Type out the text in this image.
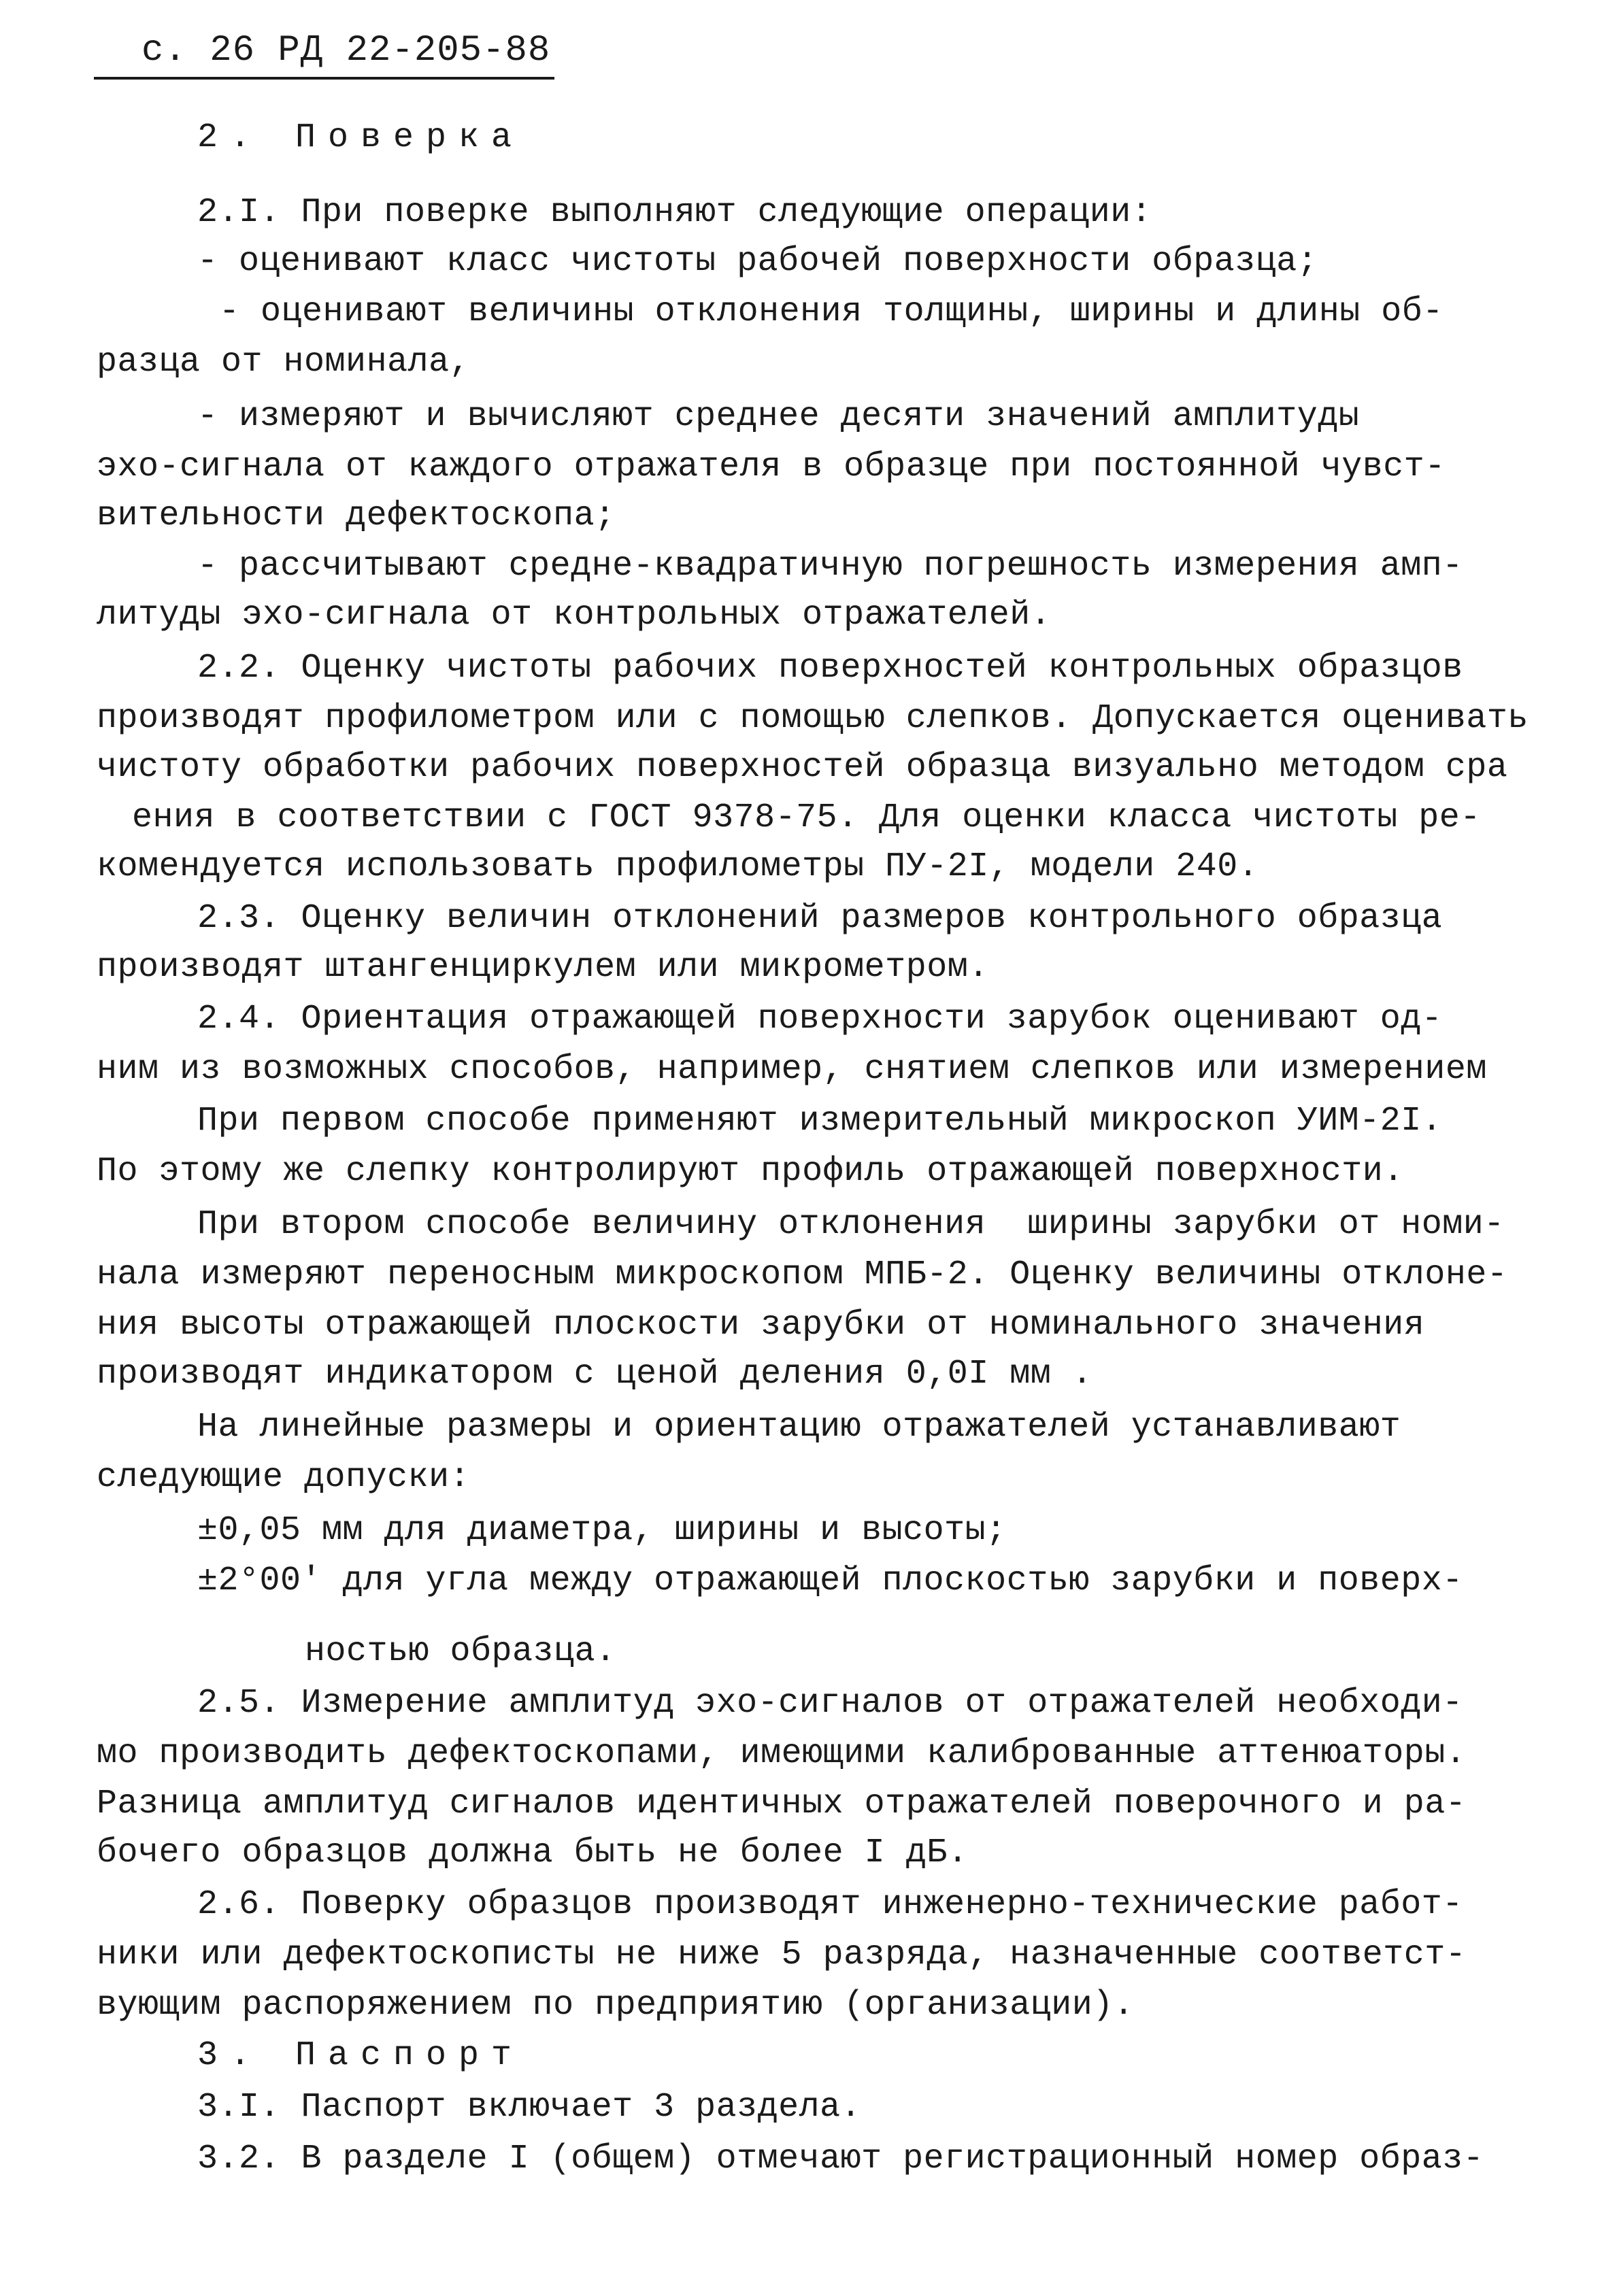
с. 26 РД 22-205-88
2. Поверка
2.I. При поверке выполняют следующие операции:
- оценивают класс чистоты рабочей поверхности образца;
- оценивают величины отклонения толщины, ширины и длины об-
разца от номинала,
- измеряют и вычисляют среднее десяти значений амплитуды
эхо-сигнала от каждого отражателя в образце при постоянной чувст-
вительности дефектоскопа;
- рассчитывают средне-квадратичную погрешность измерения амп-
литуды эхо-сигнала от контрольных отражателей.
2.2. Оценку чистоты рабочих поверхностей контрольных образцов
производят профилометром или с помощью слепков. Допускается оценивать
чистоту обработки рабочих поверхностей образца визуально методом сра
ения в соответствии с ГОСТ 9378-75. Для оценки класса чистоты ре-
комендуется использовать профилометры ПУ-2I, модели 240.
2.3. Оценку величин отклонений размеров контрольного образца
производят штангенциркулем или микрометром.
2.4. Ориентация отражающей поверхности зарубок оценивают од-
ним из возможных способов, например, снятием слепков или измерением
При первом способе применяют измерительный микроскоп УИМ-2I.
По этому же слепку контролируют профиль отражающей поверхности.
При втором способе величину отклонения  ширины зарубки от номи-
нала измеряют переносным микроскопом МПБ-2. Оценку величины отклоне-
ния высоты отражающей плоскости зарубки от номинального значения
производят индикатором с ценой деления 0,0I мм .
На линейные размеры и ориентацию отражателей устанавливают
следующие допуски:
±0,05 мм для диаметра, ширины и высоты;
±2°00' для угла между отражающей плоскостью зарубки и поверх-
ностью образца.
2.5. Измерение амплитуд эхо-сигналов от отражателей необходи-
мо производить дефектоскопами, имеющими калиброванные аттенюаторы.
Разница амплитуд сигналов идентичных отражателей поверочного и ра-
бочего образцов должна быть не более I дБ.
2.6. Поверку образцов производят инженерно-технические работ-
ники или дефектоскописты не ниже 5 разряда, назначенные соответст-
вующим распоряжением по предприятию (организации).
3. Паспорт
3.I. Паспорт включает 3 раздела.
3.2. В разделе I (общем) отмечают регистрационный номер образ-
